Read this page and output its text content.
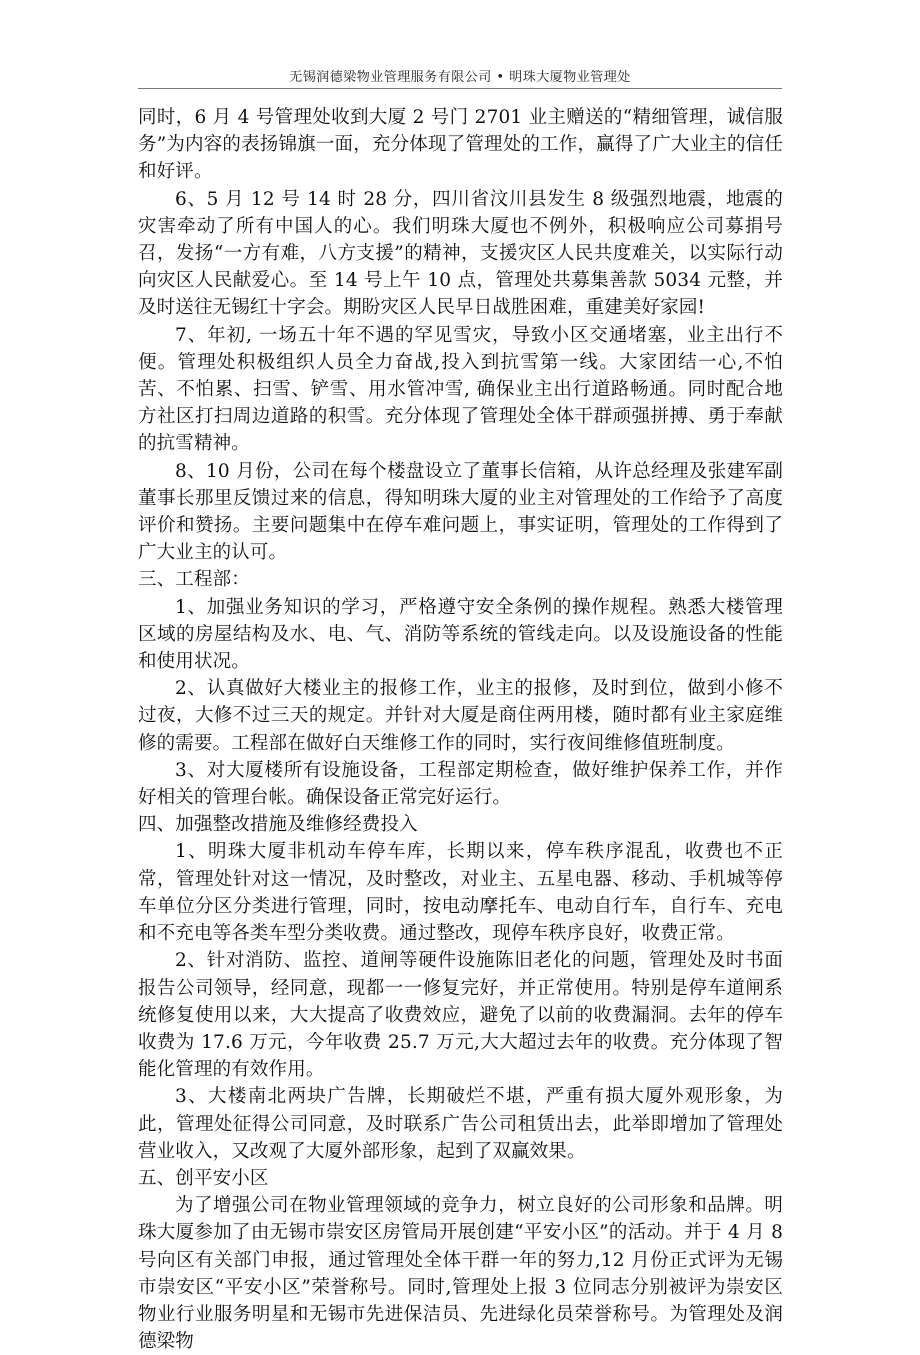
无锡润德梁物业管理服务有限公司 • 明珠大厦物业管理处

同时，6 月 4 号管理处收到大厦 2 号门 2701 业主赠送的“精细管理，诚信服务”为内容的表扬锦旗一面，充分体现了管理处的工作，赢得了广大业主的信任和好评。

6、5 月 12 号 14 时 28 分，四川省汶川县发生 8 级强烈地震，地震的灾害牵动了所有中国人的心。我们明珠大厦也不例外，积极响应公司募捐号召，发扬“一方有难，八方支援”的精神，支援灾区人民共度难关，以实际行动向灾区人民献爱心。至 14 号上午 10 点，管理处共募集善款 5034 元整，并及时送往无锡红十字会。期盼灾区人民早日战胜困难，重建美好家园!

7、年初, 一场五十年不遇的罕见雪灾，导致小区交通堵塞，业主出行不便。管理处积极组织人员全力奋战,投入到抗雪第一线。大家团结一心,不怕苦、不怕累、扫雪、铲雪、用水管冲雪, 确保业主出行道路畅通。同时配合地方社区打扫周边道路的积雪。充分体现了管理处全体干群顽强拼搏、勇于奉献的抗雪精神。

8、10 月份，公司在每个楼盘设立了董事长信箱，从许总经理及张建军副董事长那里反馈过来的信息，得知明珠大厦的业主对管理处的工作给予了高度评价和赞扬。主要问题集中在停车难问题上，事实证明，管理处的工作得到了广大业主的认可。

三、工程部：

1、加强业务知识的学习，严格遵守安全条例的操作规程。熟悉大楼管理区域的房屋结构及水、电、气、消防等系统的管线走向。以及设施设备的性能和使用状况。

2、认真做好大楼业主的报修工作，业主的报修，及时到位，做到小修不过夜，大修不过三天的规定。并针对大厦是商住两用楼，随时都有业主家庭维修的需要。工程部在做好白天维修工作的同时，实行夜间维修值班制度。

3、对大厦楼所有设施设备，工程部定期检查，做好维护保养工作，并作好相关的管理台帐。确保设备正常完好运行。

四、加强整改措施及维修经费投入

1、明珠大厦非机动车停车库，长期以来，停车秩序混乱，收费也不正常，管理处针对这一情况，及时整改，对业主、五星电器、移动、手机城等停车单位分区分类进行管理，同时，按电动摩托车、电动自行车，自行车、充电和不充电等各类车型分类收费。通过整改，现停车秩序良好，收费正常。

2、针对消防、监控、道闸等硬件设施陈旧老化的问题，管理处及时书面报告公司领导，经同意，现都一一修复完好，并正常使用。特别是停车道闸系统修复使用以来，大大提高了收费效应，避免了以前的收费漏洞。去年的停车收费为 17.6 万元，今年收费 25.7 万元,大大超过去年的收费。充分体现了智能化管理的有效作用。

3、大楼南北两块广告牌，长期破烂不堪，严重有损大厦外观形象，为此，管理处征得公司同意，及时联系广告公司租赁出去，此举即增加了管理处营业收入，又改观了大厦外部形象，起到了双赢效果。

五、创平安小区

为了增强公司在物业管理领域的竞争力，树立良好的公司形象和品牌。明珠大厦参加了由无锡市崇安区房管局开展创建“平安小区”的活动。并于 4 月 8 号向区有关部门申报，通过管理处全体干群一年的努力,12 月份正式评为无锡市崇安区“平安小区”荣誉称号。同时,管理处上报 3 位同志分别被评为崇安区物业行业服务明星和无锡市先进保洁员、先进绿化员荣誉称号。为管理处及润德梁物
